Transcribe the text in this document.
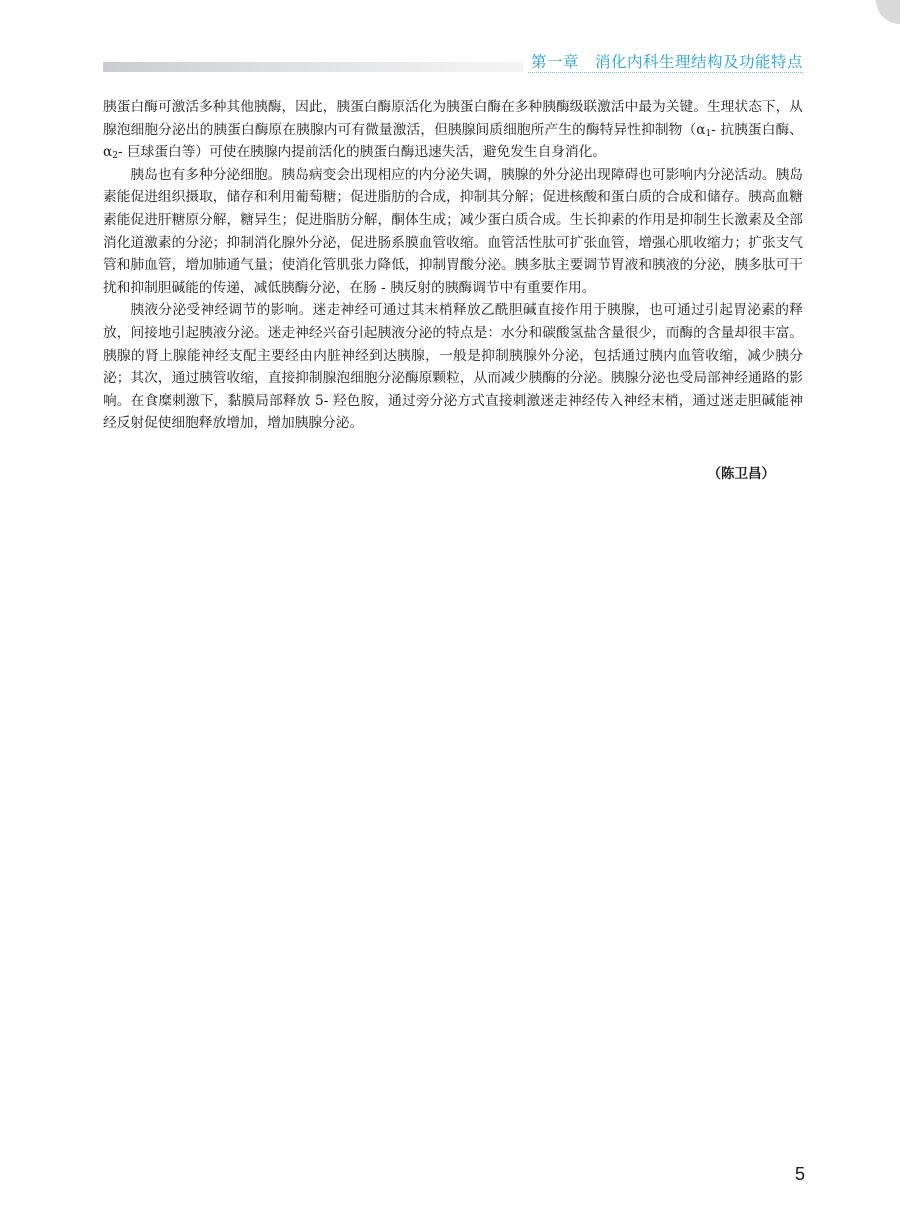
第一章　消化内科生理结构及功能特点

胰蛋白酶可激活多种其他胰酶，因此，胰蛋白酶原活化为胰蛋白酶在多种胰酶级联激活中最为关键。生理状态下，从腺泡细胞分泌出的胰蛋白酶原在胰腺内可有微量激活，但胰腺间质细胞所产生的酶特异性抑制物（$\alpha_1-$ 抗胰蛋白酶、$\alpha_2-$ 巨球蛋白等）可使在胰腺内提前活化的胰蛋白酶迅速失活，避免发生自身消化。

胰岛也有多种分泌细胞。胰岛病变会出现相应的内分泌失调，胰腺的外分泌出现障碍也可影响内分泌活动。胰岛素能促进组织摄取，储存和利用葡萄糖；促进脂肪的合成，抑制其分解；促进核酸和蛋白质的合成和储存。胰高血糖素能促进肝糖原分解，糖异生；促进脂肪分解，酮体生成；减少蛋白质合成。生长抑素的作用是抑制生长激素及全部消化道激素的分泌；抑制消化腺外分泌，促进肠系膜血管收缩。血管活性肽可扩张血管，增强心肌收缩力；扩张支气管和肺血管，增加肺通气量；使消化管肌张力降低，抑制胃酸分泌。胰多肽主要调节胃液和胰液的分泌，胰多肽可干扰和抑制胆碱能的传递，减低胰酶分泌，在肠 - 胰反射的胰酶调节中有重要作用。

胰液分泌受神经调节的影响。迷走神经可通过其末梢释放乙酰胆碱直接作用于胰腺，也可通过引起胃泌素的释放，间接地引起胰液分泌。迷走神经兴奋引起胰液分泌的特点是：水分和碳酸氢盐含量很少，而酶的含量却很丰富。胰腺的肾上腺能神经支配主要经由内脏神经到达胰腺，一般是抑制胰腺外分泌，包括通过胰内血管收缩，减少胰分泌；其次，通过胰管收缩，直接抑制腺泡细胞分泌酶原颗粒，从而减少胰酶的分泌。胰腺分泌也受局部神经通路的影响。在食糜刺激下，黏膜局部释放 5- 羟色胺，通过旁分泌方式直接刺激迷走神经传入神经末梢，通过迷走胆碱能神经反射促使细胞释放增加，增加胰腺分泌。

（陈卫昌）
5
